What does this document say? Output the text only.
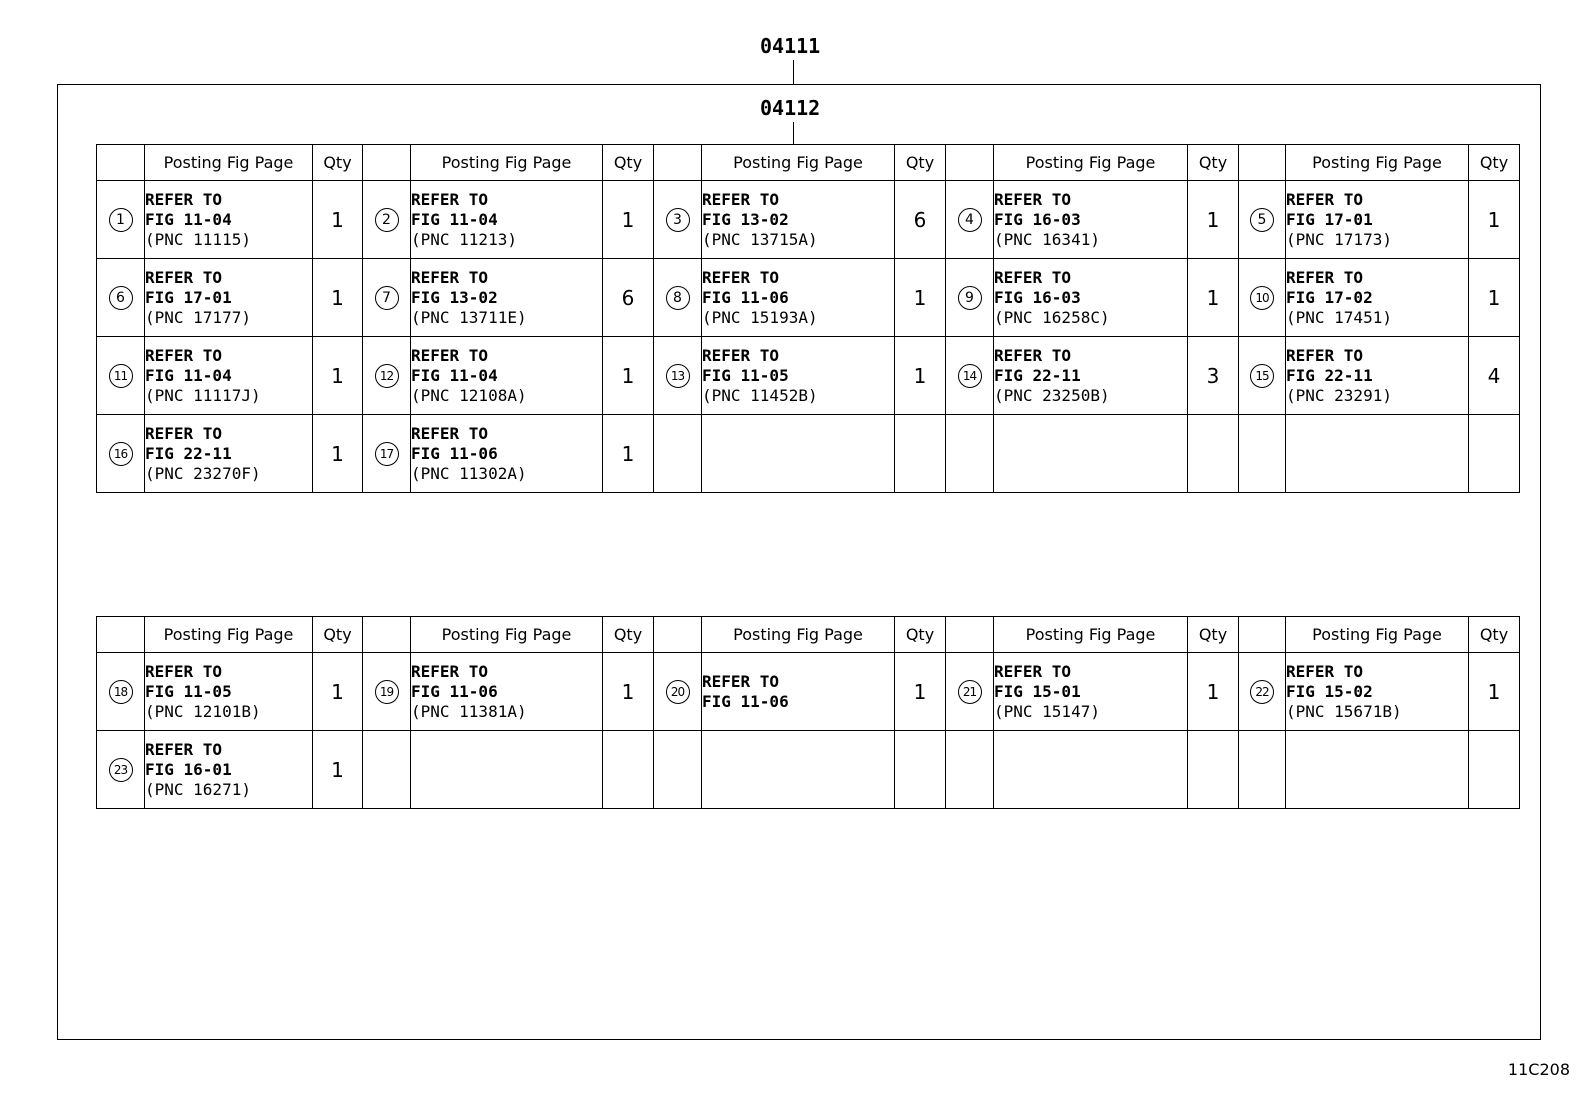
04111
04112
	Posting Fig Page	Qty		Posting Fig Page	Qty		Posting Fig Page	Qty		Posting Fig Page	Qty		Posting Fig Page	Qty
1	REFER TO
FIG 11-04
(PNC 11115)	1	2	REFER TO
FIG 11-04
(PNC 11213)	1	3	REFER TO
FIG 13-02
(PNC 13715A)	6	4	REFER TO
FIG 16-03
(PNC 16341)	1	5	REFER TO
FIG 17-01
(PNC 17173)	1
6	REFER TO
FIG 17-01
(PNC 17177)	1	7	REFER TO
FIG 13-02
(PNC 13711E)	6	8	REFER TO
FIG 11-06
(PNC 15193A)	1	9	REFER TO
FIG 16-03
(PNC 16258C)	1	10	REFER TO
FIG 17-02
(PNC 17451)	1
11	REFER TO
FIG 11-04
(PNC 11117J)	1	12	REFER TO
FIG 11-04
(PNC 12108A)	1	13	REFER TO
FIG 11-05
(PNC 11452B)	1	14	REFER TO
FIG 22-11
(PNC 23250B)	3	15	REFER TO
FIG 22-11
(PNC 23291)	4
16	REFER TO
FIG 22-11
(PNC 23270F)	1	17	REFER TO
FIG 11-06
(PNC 11302A)	1									
	Posting Fig Page	Qty		Posting Fig Page	Qty		Posting Fig Page	Qty		Posting Fig Page	Qty		Posting Fig Page	Qty
18	REFER TO
FIG 11-05
(PNC 12101B)	1	19	REFER TO
FIG 11-06
(PNC 11381A)	1	20	REFER TO
FIG 11-06	1	21	REFER TO
FIG 15-01
(PNC 15147)	1	22	REFER TO
FIG 15-02
(PNC 15671B)	1
23	REFER TO
FIG 16-01
(PNC 16271)	1												
11C208
